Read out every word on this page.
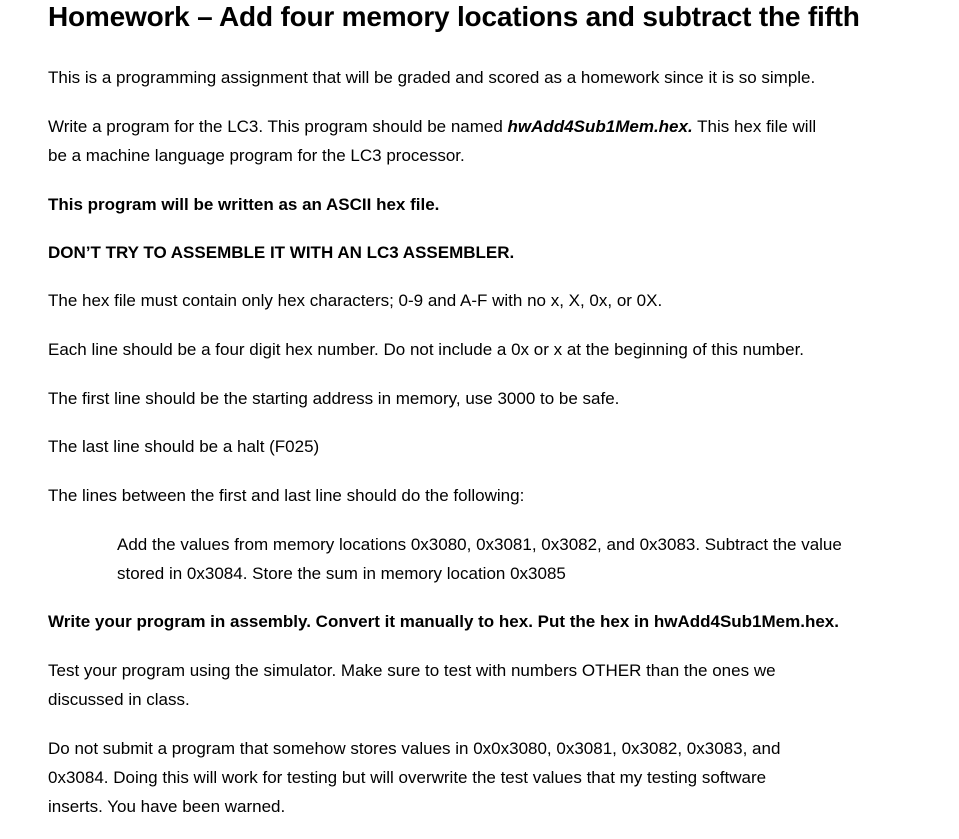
Homework – Add four memory locations and subtract the fifth

This is a programming assignment that will be graded and scored as a homework since it is so simple.

Write a program for the LC3. This program should be named hwAdd4Sub1Mem.hex. This hex file will
be a machine language program for the LC3 processor.

This program will be written as an ASCII hex file.

DON’T TRY TO ASSEMBLE IT WITH AN LC3 ASSEMBLER.

The hex file must contain only hex characters; 0-9 and A-F with no x, X, 0x, or 0X.

Each line should be a four digit hex number. Do not include a 0x or x at the beginning of this number.

The first line should be the starting address in memory, use 3000 to be safe.

The last line should be a halt (F025)

The lines between the first and last line should do the following:

Add the values from memory locations 0x3080, 0x3081, 0x3082, and 0x3083. Subtract the value
stored in 0x3084. Store the sum in memory location 0x3085

Write your program in assembly. Convert it manually to hex. Put the hex in hwAdd4Sub1Mem.hex.

Test your program using the simulator. Make sure to test with numbers OTHER than the ones we
discussed in class.

Do not submit a program that somehow stores values in 0x0x3080, 0x3081, 0x3082, 0x3083, and
0x3084. Doing this will work for testing but will overwrite the test values that my testing software
inserts. You have been warned.
